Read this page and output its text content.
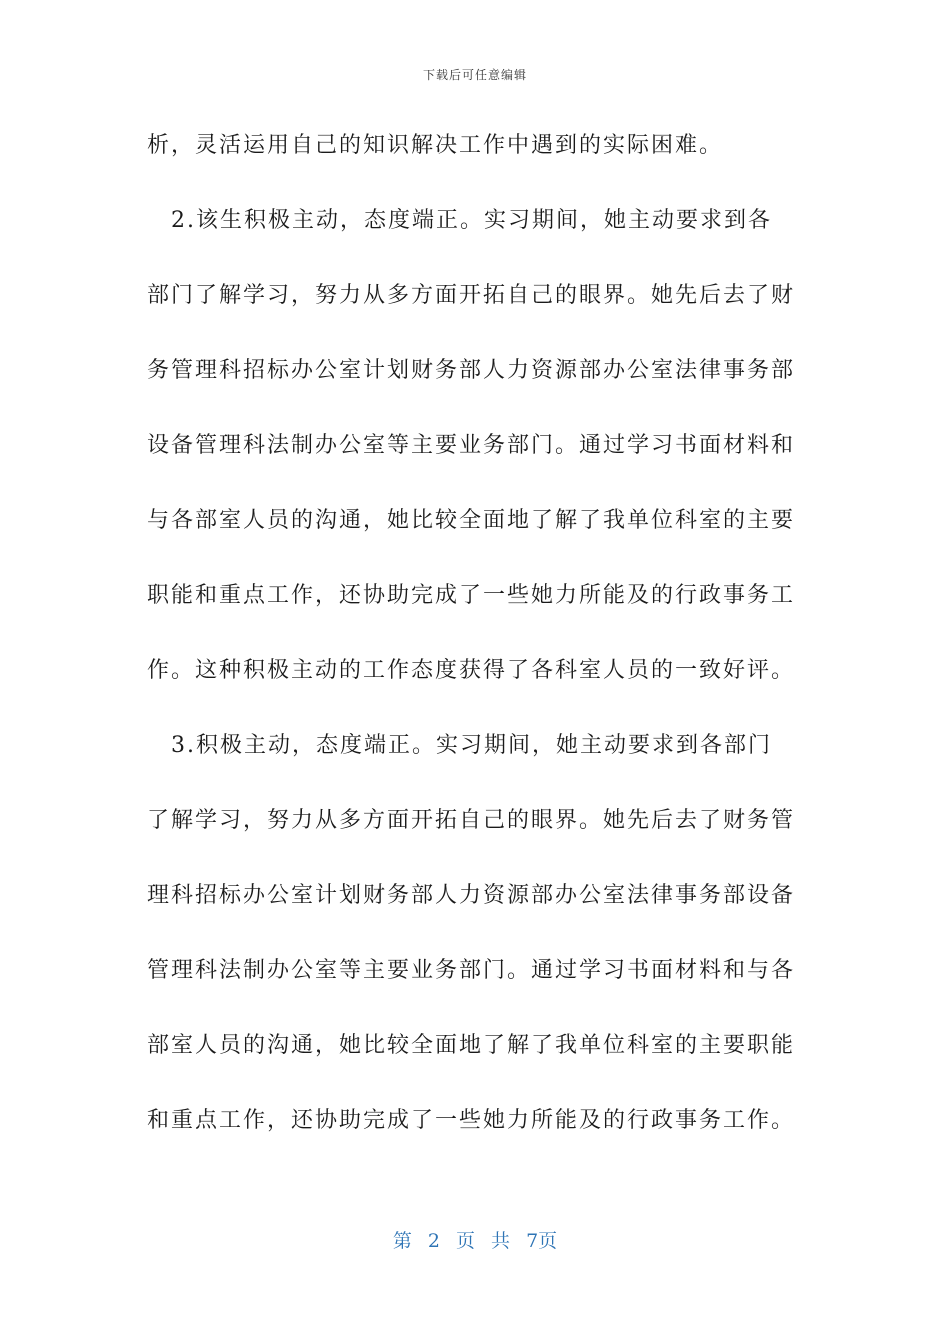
下载后可任意编辑
析，灵活运用自己的知识解决工作中遇到的实际困难。
　2.该生积极主动，态度端正。实习期间，她主动要求到各
部门了解学习，努力从多方面开拓自己的眼界。她先后去了财
务管理科招标办公室计划财务部人力资源部办公室法律事务部
设备管理科法制办公室等主要业务部门。通过学习书面材料和
与各部室人员的沟通，她比较全面地了解了我单位科室的主要
职能和重点工作，还协助完成了一些她力所能及的行政事务工
作。这种积极主动的工作态度获得了各科室人员的一致好评。
　3.积极主动，态度端正。实习期间，她主动要求到各部门
了解学习，努力从多方面开拓自己的眼界。她先后去了财务管
理科招标办公室计划财务部人力资源部办公室法律事务部设备
管理科法制办公室等主要业务部门。通过学习书面材料和与各
部室人员的沟通，她比较全面地了解了我单位科室的主要职能
和重点工作，还协助完成了一些她力所能及的行政事务工作。
第 2 页 共 7页
